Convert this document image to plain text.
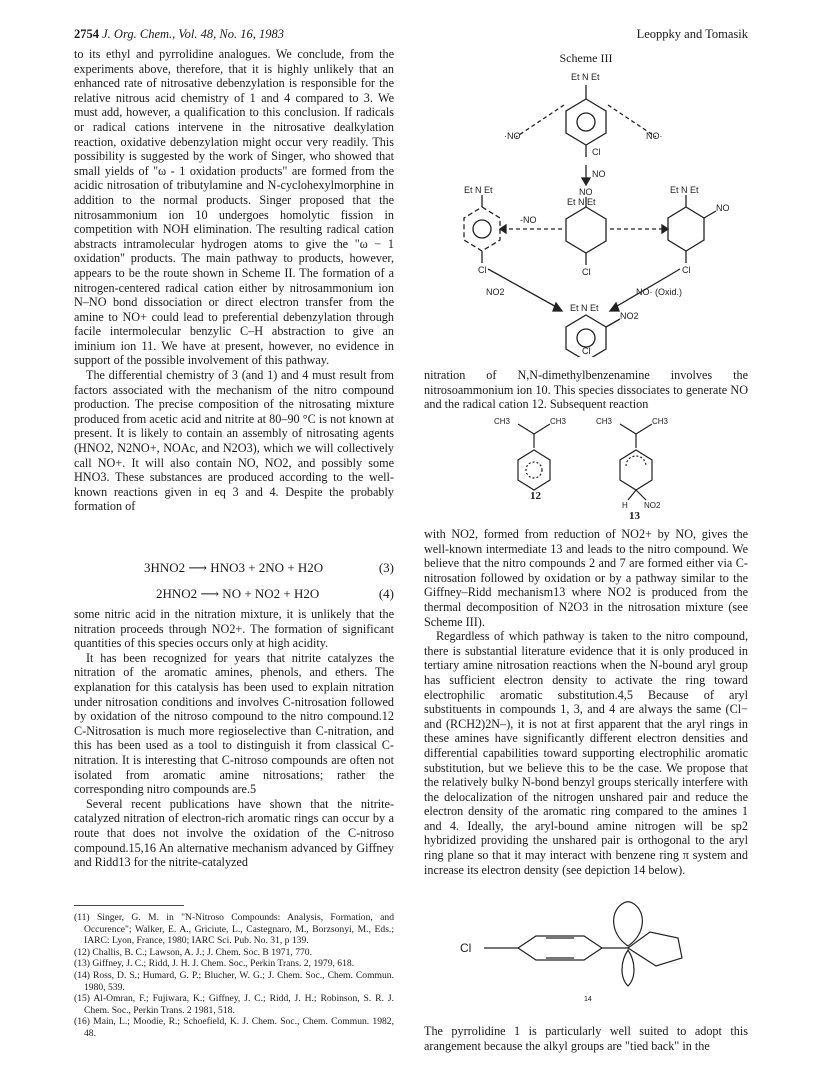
2754 J. Org. Chem., Vol. 48, No. 16, 1983	Leoppky and Tomasik

to its ethyl and pyrrolidine analogues. We conclude, from the experiments above, therefore, that it is highly unlikely that an enhanced rate of nitrosative debenzylation is responsible for the relative nitrous acid chemistry of 1 and 4 compared to 3. We must add, however, a qualification to this conclusion. If radicals or radical cations intervene in the nitrosative dealkylation reaction, oxidative debenzylation might occur very readily. This possibility is suggested by the work of Singer, who showed that small yields of "ω - 1 oxidation products" are formed from the acidic nitrosation of tributylamine and N-cyclohexylmorphine in addition to the normal products. Singer proposed that the nitrosammonium ion 10 undergoes homolytic fission in competition with NOH elimination. The resulting radical cation abstracts intramolecular hydrogen atoms to give the "ω − 1 oxidation" products. The main pathway to products, however, appears to be the route shown in Scheme II. The formation of a nitrogen-centered radical cation either by nitrosammonium ion N–NO bond dissociation or direct electron transfer from the amine to NO+ could lead to preferential debenzylation through facile intermolecular benzylic C–H abstraction to give an iminium ion 11. We have at present, however, no evidence in support of the possible involvement of this pathway.

The differential chemistry of 3 (and 1) and 4 must result from factors associated with the mechanism of the nitro compound production. The precise composition of the nitrosating mixture produced from acetic acid and nitrite at 80–90 °C is not known at present. It is likely to contain an assembly of nitrosating agents (HNO2, N2NO+, NOAc, and N2O3), which we will collectively call NO+. It will also contain NO, NO2, and possibly some HNO3. These substances are produced according to the well-known reactions given in eq 3 and 4. Despite the probably formation of

3HNO2 ⟶ HNO3 + 2NO + H2O	(3)
2HNO2 ⟶ NO + NO2 + H2O	(4)

some nitric acid in the nitration mixture, it is unlikely that the nitration proceeds through NO2+. The formation of significant quantities of this species occurs only at high acidity.

It has been recognized for years that nitrite catalyzes the nitration of the aromatic amines, phenols, and ethers. The explanation for this catalysis has been used to explain nitration under nitrosation conditions and involves C-nitrosation followed by oxidation of the nitroso compound to the nitro compound.12 C-Nitrosation is much more regioselective than C-nitration, and this has been used as a tool to distinguish it from classical C-nitration. It is interesting that C-nitroso compounds are often not isolated from aromatic amine nitrosations; rather the corresponding nitro compounds are.5

Several recent publications have shown that the nitrite-catalyzed nitration of electron-rich aromatic rings can occur by a route that does not involve the oxidation of the C-nitroso compound.15,16 An alternative mechanism advanced by Giffney and Ridd13 for the nitrite-catalyzed

(11) Singer, G. M. in "N-Nitroso Compounds: Analysis, Formation, and Occurence"; Walker, E. A., Griciute, L., Castegnaro, M., Borzsonyi, M., Eds.; IARC: Lyon, France, 1980; IARC Sci. Pub. No. 31, p 139.

(12) Challis, B. C.; Lawson, A. J.; J. Chem. Soc. B 1971, 770.

(13) Giffney, J. C.; Ridd, J. H. J. Chem. Soc., Perkin Trans. 2, 1979, 618.

(14) Ross, D. S.; Humard, G. P.; Blucher, W. G.; J. Chem. Soc., Chem. Commun. 1980, 539.

(15) Al-Omran, F.; Fujiwara, K.; Giffney, J. C.; Ridd, J. H.; Robinson, S. R. J. Chem. Soc., Perkin Trans. 2 1981, 518.

(16) Main, L.; Moodie, R.; Schoefield, K. J. Chem. Soc., Chem. Commun. 1982, 48.

Scheme III
Et N Et
·NO	NO·
Cl
NO
NO
Et N Et
Et N Et	Et N Et
NO
-NO
Cl	Cl	Cl
NO2	NO· (Oxid.)
Et N Et
NO2
Cl

nitration of N,N-dimethylbenzenamine involves the nitrosoammonium ion 10. This species dissociates to generate NO and the radical cation 12. Subsequent reaction

CH3	CH3	CH3	CH3
H NO2
12
13

with NO2, formed from reduction of NO2+ by NO, gives the well-known intermediate 13 and leads to the nitro compound. We believe that the nitro compounds 2 and 7 are formed either via C-nitrosation followed by oxidation or by a pathway similar to the Giffney–Ridd mechanism13 where NO2 is produced from the thermal decomposition of N2O3 in the nitrosation mixture (see Scheme III).

Regardless of which pathway is taken to the nitro compound, there is substantial literature evidence that it is only produced in tertiary amine nitrosation reactions when the N-bound aryl group has sufficient electron density to activate the ring toward electrophilic aromatic substitution.4,5 Because of aryl substituents in compounds 1, 3, and 4 are always the same (Cl− and (RCH2)2N–), it is not at first apparent that the aryl rings in these amines have significantly different electron densities and differential capabilities toward supporting electrophilic aromatic substitution, but we believe this to be the case. We propose that the relatively bulky N-bond benzyl groups sterically interfere with the delocalization of the nitrogen unshared pair and reduce the electron density of the aromatic ring compared to the amines 1 and 4. Ideally, the aryl-bound amine nitrogen will be sp2 hybridized providing the unshared pair is orthogonal to the aryl ring plane so that it may interact with benzene ring π system and increase its electron density (see depiction 14 below).

Cl
14

The pyrrolidine 1 is particularly well suited to adopt this arangement because the alkyl groups are "tied back" in the
